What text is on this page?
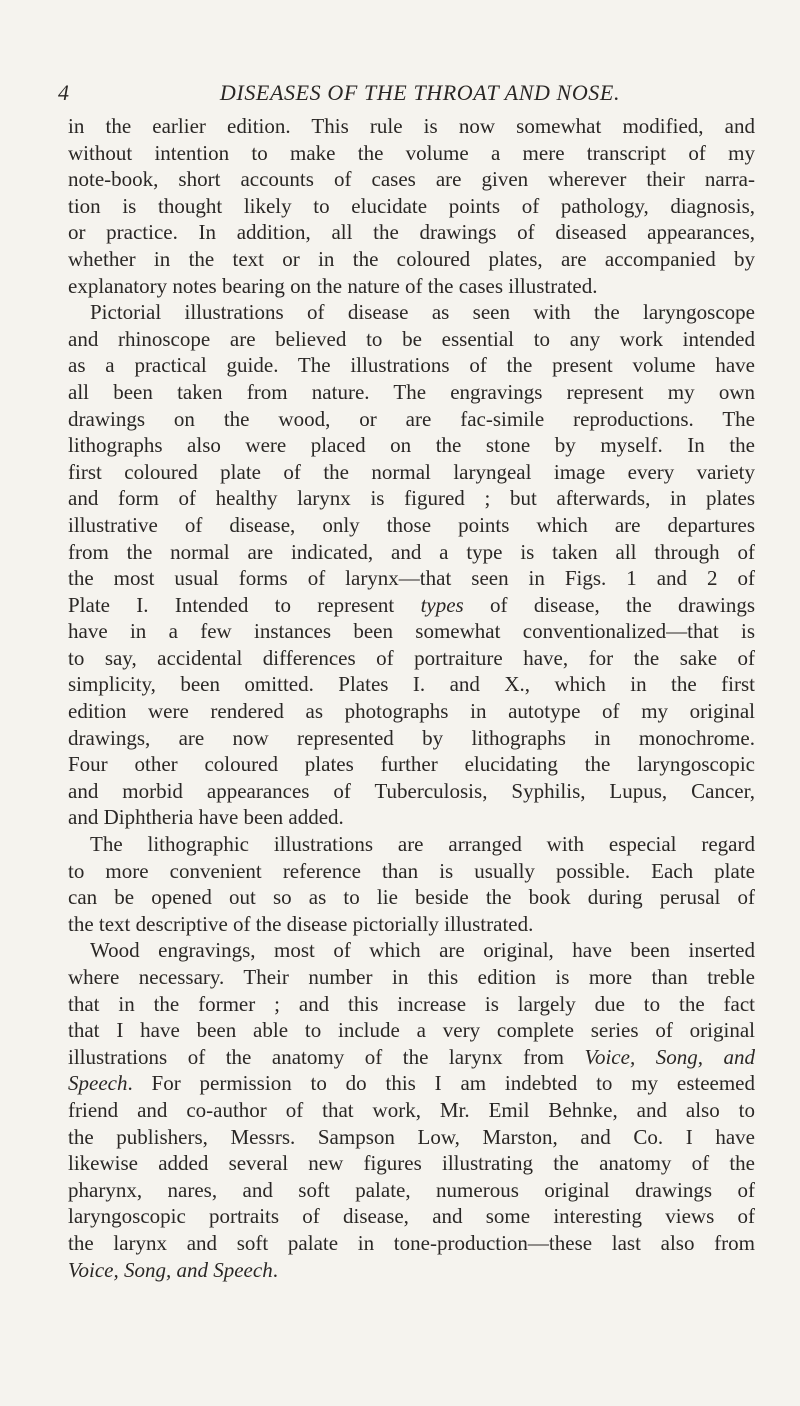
4	DISEASES OF THE THROAT AND NOSE.
in the earlier edition. This rule is now somewhat modified, and
without intention to make the volume a mere transcript of my
note-book, short accounts of cases are given wherever their narra-
tion is thought likely to elucidate points of pathology, diagnosis,
or practice. In addition, all the drawings of diseased appearances,
whether in the text or in the coloured plates, are accompanied by
explanatory notes bearing on the nature of the cases illustrated.
Pictorial illustrations of disease as seen with the laryngoscope
and rhinoscope are believed to be essential to any work intended
as a practical guide. The illustrations of the present volume have
all been taken from nature. The engravings represent my own
drawings on the wood, or are fac-simile reproductions. The
lithographs also were placed on the stone by myself. In the
first coloured plate of the normal laryngeal image every variety
and form of healthy larynx is figured ; but afterwards, in plates
illustrative of disease, only those points which are departures
from the normal are indicated, and a type is taken all through of
the most usual forms of larynx—that seen in Figs. 1 and 2 of
Plate I. Intended to represent types of disease, the drawings
have in a few instances been somewhat conventionalized—that is
to say, accidental differences of portraiture have, for the sake of
simplicity, been omitted. Plates I. and X., which in the first
edition were rendered as photographs in autotype of my original
drawings, are now represented by lithographs in monochrome.
Four other coloured plates further elucidating the laryngoscopic
and morbid appearances of Tuberculosis, Syphilis, Lupus, Cancer,
and Diphtheria have been added.
The lithographic illustrations are arranged with especial regard
to more convenient reference than is usually possible. Each plate
can be opened out so as to lie beside the book during perusal of
the text descriptive of the disease pictorially illustrated.
Wood engravings, most of which are original, have been inserted
where necessary. Their number in this edition is more than treble
that in the former ; and this increase is largely due to the fact
that I have been able to include a very complete series of original
illustrations of the anatomy of the larynx from Voice, Song, and
Speech. For permission to do this I am indebted to my esteemed
friend and co-author of that work, Mr. Emil Behnke, and also to
the publishers, Messrs. Sampson Low, Marston, and Co. I have
likewise added several new figures illustrating the anatomy of the
pharynx, nares, and soft palate, numerous original drawings of
laryngoscopic portraits of disease, and some interesting views of
the larynx and soft palate in tone-production—these last also from
Voice, Song, and Speech.
